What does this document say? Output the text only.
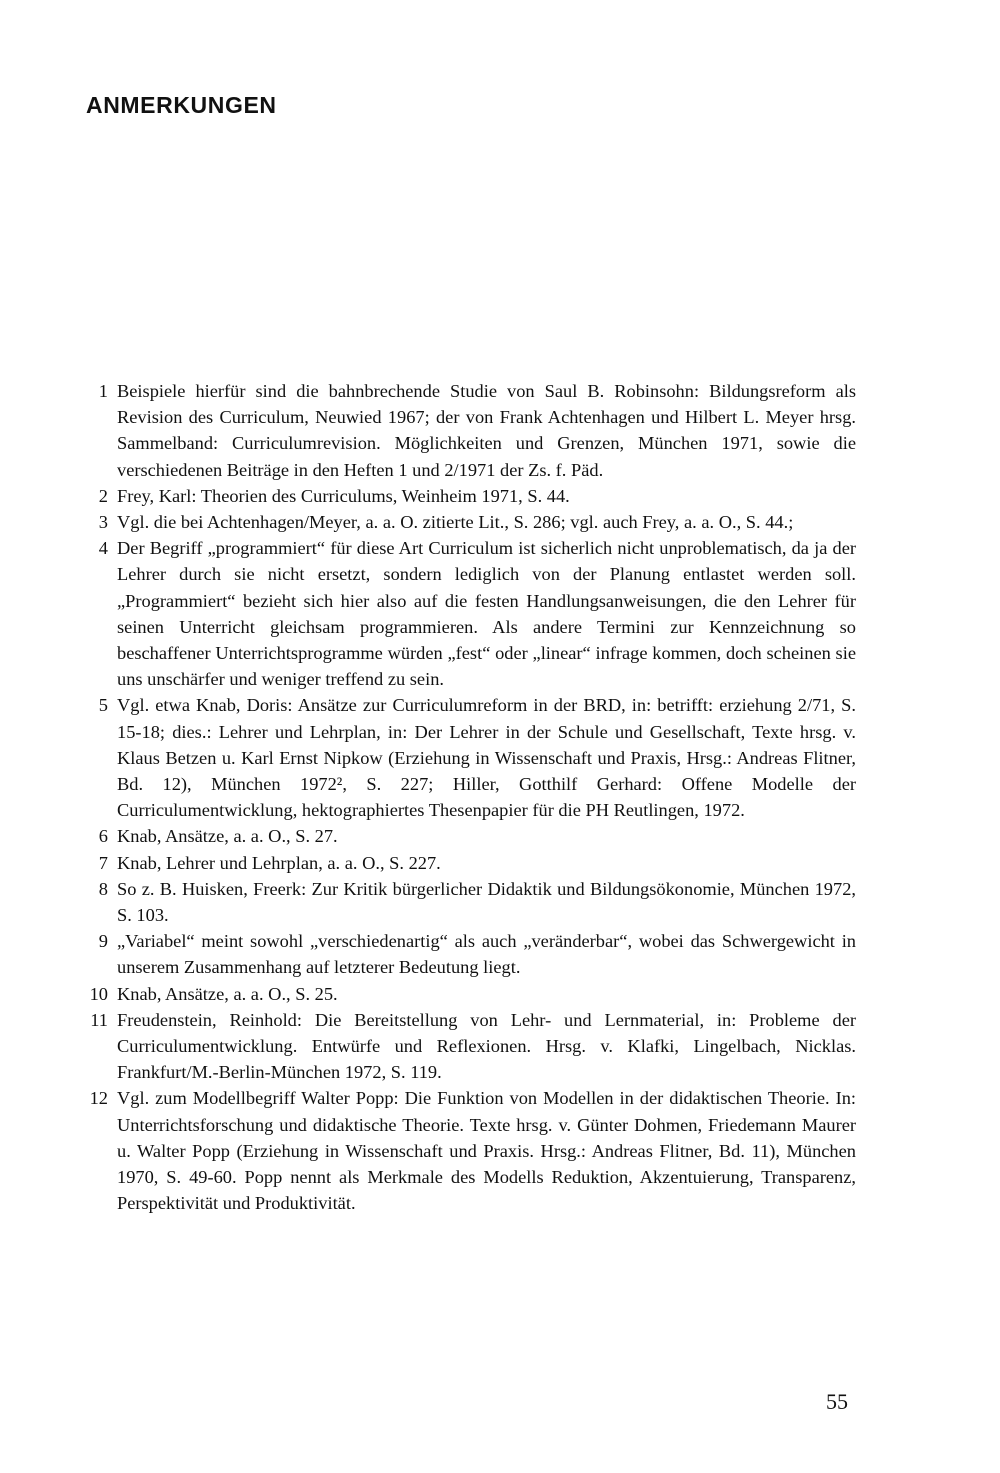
ANMERKUNGEN

1 Beispiele hierfür sind die bahnbrechende Studie von Saul B. Robinsohn: Bildungsreform als Revision des Curriculum, Neuwied 1967; der von Frank Achtenhagen und Hilbert L. Meyer hrsg. Sammelband: Curriculumrevision. Möglichkeiten und Grenzen, München 1971, sowie die verschiedenen Beiträge in den Heften 1 und 2/1971 der Zs. f. Päd.

2 Frey, Karl: Theorien des Curriculums, Weinheim 1971, S. 44.

3 Vgl. die bei Achtenhagen/Meyer, a. a. O. zitierte Lit., S. 286; vgl. auch Frey, a. a. O., S. 44.;

4 Der Begriff „programmiert“ für diese Art Curriculum ist sicherlich nicht unproblematisch, da ja der Lehrer durch sie nicht ersetzt, sondern lediglich von der Planung entlastet werden soll. „Programmiert“ bezieht sich hier also auf die festen Handlungsanweisungen, die den Lehrer für seinen Unterricht gleichsam programmieren. Als andere Termini zur Kennzeichnung so beschaffener Unterrichtsprogramme würden „fest“ oder „linear“ infrage kommen, doch scheinen sie uns unschärfer und weniger treffend zu sein.

5 Vgl. etwa Knab, Doris: Ansätze zur Curriculumreform in der BRD, in: betrifft: erziehung 2/71, S. 15-18; dies.: Lehrer und Lehrplan, in: Der Lehrer in der Schule und Gesellschaft, Texte hrsg. v. Klaus Betzen u. Karl Ernst Nipkow (Erziehung in Wissenschaft und Praxis, Hrsg.: Andreas Flitner, Bd. 12), München 1972², S. 227; Hiller, Gotthilf Gerhard: Offene Modelle der Curriculumentwicklung, hektographiertes Thesenpapier für die PH Reutlingen, 1972.

6 Knab, Ansätze, a. a. O., S. 27.

7 Knab, Lehrer und Lehrplan, a. a. O., S. 227.

8 So z. B. Huisken, Freerk: Zur Kritik bürgerlicher Didaktik und Bildungsökonomie, München 1972, S. 103.

9 „Variabel“ meint sowohl „verschiedenartig“ als auch „veränderbar“, wobei das Schwergewicht in unserem Zusammenhang auf letzterer Bedeutung liegt.

10 Knab, Ansätze, a. a. O., S. 25.

11 Freudenstein, Reinhold: Die Bereitstellung von Lehr- und Lernmaterial, in: Probleme der Curriculumentwicklung. Entwürfe und Reflexionen. Hrsg. v. Klafki, Lingelbach, Nicklas. Frankfurt/M.-Berlin-München 1972, S. 119.

12 Vgl. zum Modellbegriff Walter Popp: Die Funktion von Modellen in der didaktischen Theorie. In: Unterrichtsforschung und didaktische Theorie. Texte hrsg. v. Günter Dohmen, Friedemann Maurer u. Walter Popp (Erziehung in Wissenschaft und Praxis. Hrsg.: Andreas Flitner, Bd. 11), München 1970, S. 49-60. Popp nennt als Merkmale des Modells Reduktion, Akzentuierung, Transparenz, Perspektivität und Produktivität.

55
